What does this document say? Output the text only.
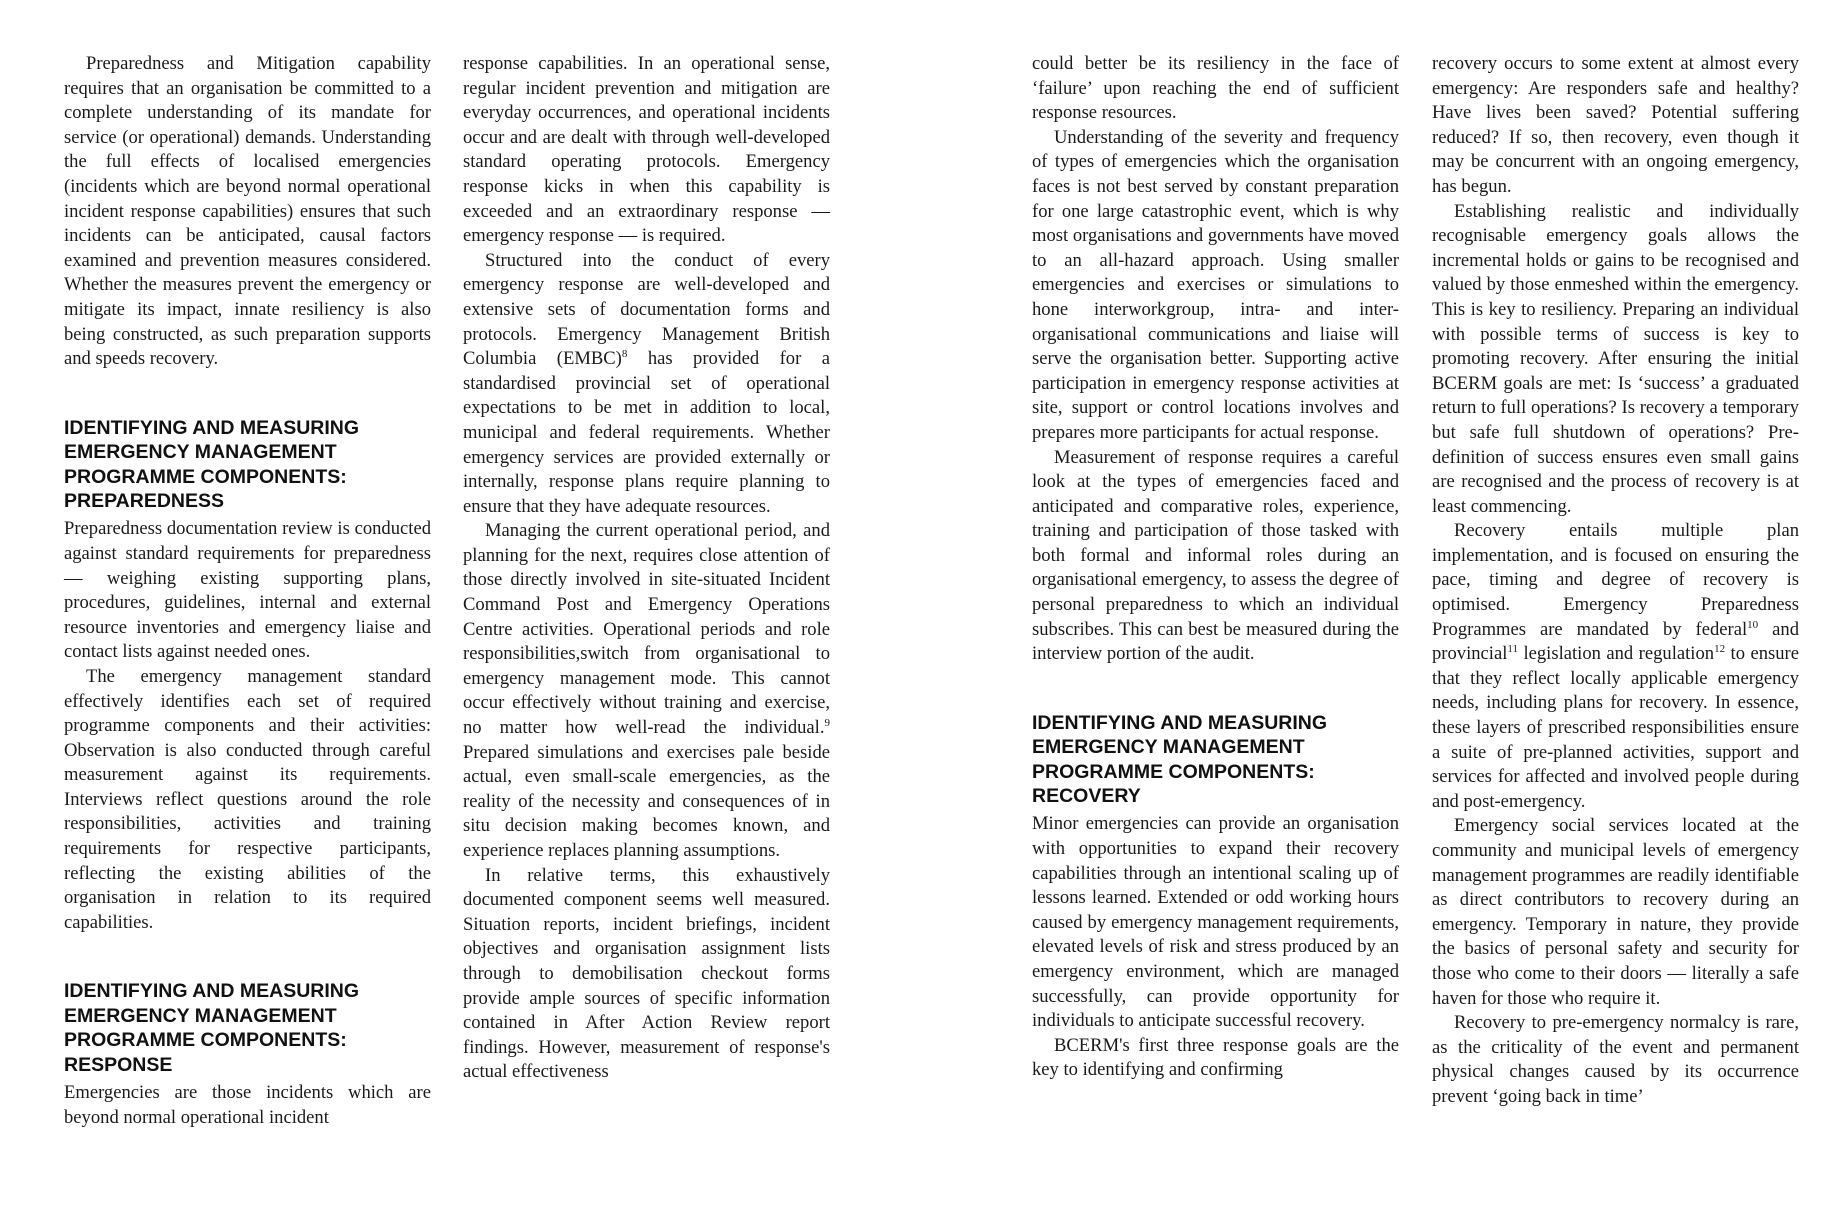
Preparedness and Mitigation capability requires that an organisation be committed to a complete understanding of its mandate for service (or operational) demands. Understanding the full effects of localised emergencies (incidents which are beyond normal operational incident response capabilities) ensures that such incidents can be anticipated, causal factors examined and prevention measures considered. Whether the measures prevent the emergency or mitigate its impact, innate resiliency is also being constructed, as such preparation supports and speeds recovery.

IDENTIFYING AND MEASURING EMERGENCY MANAGEMENT PROGRAMME COMPONENTS: PREPAREDNESS

Preparedness documentation review is conducted against standard requirements for preparedness — weighing existing supporting plans, procedures, guidelines, internal and external resource inventories and emergency liaise and contact lists against needed ones.

The emergency management standard effectively identifies each set of required programme components and their activities: Observation is also conducted through careful measurement against its requirements. Interviews reflect questions around the role responsibilities, activities and training requirements for respective participants, reflecting the existing abilities of the organisation in relation to its required capabilities.

IDENTIFYING AND MEASURING EMERGENCY MANAGEMENT PROGRAMME COMPONENTS: RESPONSE

Emergencies are those incidents which are beyond normal operational incident

response capabilities. In an operational sense, regular incident prevention and mitigation are everyday occurrences, and operational incidents occur and are dealt with through well-developed standard operating protocols. Emergency response kicks in when this capability is exceeded and an extraordinary response — emergency response — is required.

Structured into the conduct of every emergency response are well-developed and extensive sets of documentation forms and protocols. Emergency Management British Columbia (EMBC)$^8$ has provided for a standardised provincial set of operational expectations to be met in addition to local, municipal and federal requirements. Whether emergency services are provided externally or internally, response plans require planning to ensure that they have adequate resources.

Managing the current operational period, and planning for the next, requires close attention of those directly involved in site-situated Incident Command Post and Emergency Operations Centre activities. Operational periods and role responsibilities,switch from organisational to emergency management mode. This cannot occur effectively without training and exercise, no matter how well-read the individual.$^9$ Prepared simulations and exercises pale beside actual, even small-scale emergencies, as the reality of the necessity and consequences of in situ decision making becomes known, and experience replaces planning assumptions.

In relative terms, this exhaustively documented component seems well measured. Situation reports, incident briefings, incident objectives and organisation assignment lists through to demobilisation checkout forms provide ample sources of specific information contained in After Action Review report findings. However, measurement of response's actual effectiveness

could better be its resiliency in the face of ‘failure’ upon reaching the end of sufficient response resources.

Understanding of the severity and frequency of types of emergencies which the organisation faces is not best served by constant preparation for one large catastrophic event, which is why most organisations and governments have moved to an all-hazard approach. Using smaller emergencies and exercises or simulations to hone interworkgroup, intra- and inter-organisational communications and liaise will serve the organisation better. Supporting active participation in emergency response activities at site, support or control locations involves and prepares more participants for actual response.

Measurement of response requires a careful look at the types of emergencies faced and anticipated and comparative roles, experience, training and participation of those tasked with both formal and informal roles during an organisational emergency, to assess the degree of personal preparedness to which an individual subscribes. This can best be measured during the interview portion of the audit.

IDENTIFYING AND MEASURING EMERGENCY MANAGEMENT PROGRAMME COMPONENTS: RECOVERY

Minor emergencies can provide an organisation with opportunities to expand their recovery capabilities through an intentional scaling up of lessons learned. Extended or odd working hours caused by emergency management requirements, elevated levels of risk and stress produced by an emergency environment, which are managed successfully, can provide opportunity for individuals to anticipate successful recovery.

BCERM's first three response goals are the key to identifying and confirming

recovery occurs to some extent at almost every emergency: Are responders safe and healthy? Have lives been saved? Potential suffering reduced? If so, then recovery, even though it may be concurrent with an ongoing emergency, has begun.

Establishing realistic and individually recognisable emergency goals allows the incremental holds or gains to be recognised and valued by those enmeshed within the emergency. This is key to resiliency. Preparing an individual with possible terms of success is key to promoting recovery. After ensuring the initial BCERM goals are met: Is ‘success’ a graduated return to full operations? Is recovery a temporary but safe full shutdown of operations? Pre-definition of success ensures even small gains are recognised and the process of recovery is at least commencing.

Recovery entails multiple plan implementation, and is focused on ensuring the pace, timing and degree of recovery is optimised. Emergency Preparedness Programmes are mandated by federal$^{10}$ and provincial$^{11}$ legislation and regulation$^{12}$ to ensure that they reflect locally applicable emergency needs, including plans for recovery. In essence, these layers of prescribed responsibilities ensure a suite of pre-planned activities, support and services for affected and involved people during and post-emergency.

Emergency social services located at the community and municipal levels of emergency management programmes are readily identifiable as direct contributors to recovery during an emergency. Temporary in nature, they provide the basics of personal safety and security for those who come to their doors — literally a safe haven for those who require it.

Recovery to pre-emergency normalcy is rare, as the criticality of the event and permanent physical changes caused by its occurrence prevent ‘going back in time’
